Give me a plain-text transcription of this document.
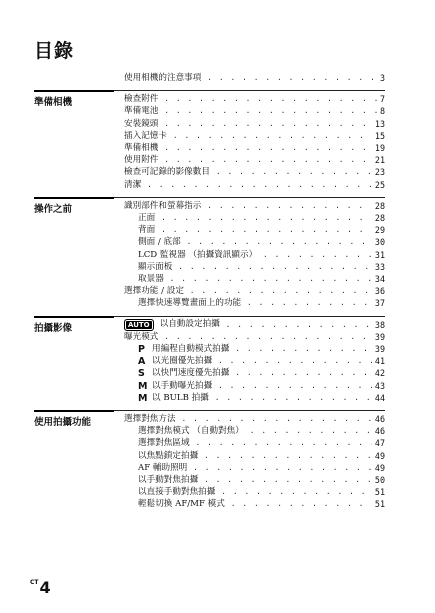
目錄
使用相機的注意事項 . . .	3
準備相機	檢查附件 . . .	7
準備電池 . . .	8
安裝鏡頭 . . .	13
插入記憶卡 . . .	15
準備相機 . . .	19
使用附件 . . .	21
檢查可記錄的影像數目 . . .	23
清潔 . . .	25
操作之前	識別部件和螢幕指示 . . .	28
正面 . . .	28
背面 . . .	29
側面 / 底部 . . .	30
LCD 監視器 （拍攝資訊顯示） . . .	31
顯示面板 . . .	33
取景器 . . .	34
選擇功能 / 設定 . . .	36
選擇快速導覽畫面上的功能 . . .	37
拍攝影像	AUTO	以自動設定拍攝 . . .	38
曝光模式 . . .	39
P 用編程自動模式拍攝 . . .	39
A 以光圈優先拍攝 . . .	41
S 以快門速度優先拍攝 . . .	42
M 以手動曝光拍攝 . . .	43
M 以 BULB 拍攝 . . .	44
使用拍攝功能	選擇對焦方法 . . .	46
選擇對焦模式 （自動對焦） . . .	46
選擇對焦區域 . . .	47
以焦點鎖定拍攝 . . .	49
AF 輔助照明 . . .	49
以手動對焦拍攝 . . .	50
以直接手動對焦拍攝 . . .	51
輕鬆切換 AF/MF 模式 . . .	51
$^{CT}$4
